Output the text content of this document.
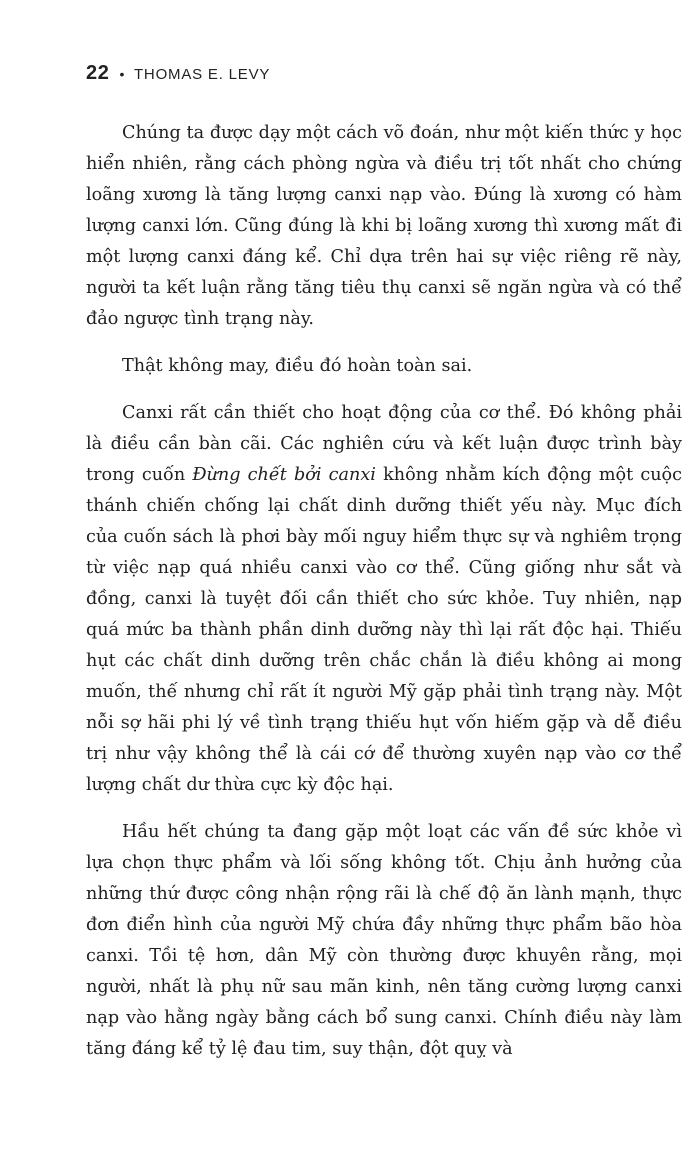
22 • THOMAS E. LEVY

Chúng ta được dạy một cách võ đoán, như một kiến thức y học hiển nhiên, rằng cách phòng ngừa và điều trị tốt nhất cho chứng loãng xương là tăng lượng canxi nạp vào. Đúng là xương có hàm lượng canxi lớn. Cũng đúng là khi bị loãng xương thì xương mất đi một lượng canxi đáng kể. Chỉ dựa trên hai sự việc riêng rẽ này, người ta kết luận rằng tăng tiêu thụ canxi sẽ ngăn ngừa và có thể đảo ngược tình trạng này.

Thật không may, điều đó hoàn toàn sai.

Canxi rất cần thiết cho hoạt động của cơ thể. Đó không phải là điều cần bàn cãi. Các nghiên cứu và kết luận được trình bày trong cuốn Đừng chết bởi canxi không nhằm kích động một cuộc thánh chiến chống lại chất dinh dưỡng thiết yếu này. Mục đích của cuốn sách là phơi bày mối nguy hiểm thực sự và nghiêm trọng từ việc nạp quá nhiều canxi vào cơ thể. Cũng giống như sắt và đồng, canxi là tuyệt đối cần thiết cho sức khỏe. Tuy nhiên, nạp quá mức ba thành phần dinh dưỡng này thì lại rất độc hại. Thiếu hụt các chất dinh dưỡng trên chắc chắn là điều không ai mong muốn, thế nhưng chỉ rất ít người Mỹ gặp phải tình trạng này. Một nỗi sợ hãi phi lý về tình trạng thiếu hụt vốn hiếm gặp và dễ điều trị như vậy không thể là cái cớ để thường xuyên nạp vào cơ thể lượng chất dư thừa cực kỳ độc hại.

Hầu hết chúng ta đang gặp một loạt các vấn đề sức khỏe vì lựa chọn thực phẩm và lối sống không tốt. Chịu ảnh hưởng của những thứ được công nhận rộng rãi là chế độ ăn lành mạnh, thực đơn điển hình của người Mỹ chứa đầy những thực phẩm bão hòa canxi. Tồi tệ hơn, dân Mỹ còn thường được khuyên rằng, mọi người, nhất là phụ nữ sau mãn kinh, nên tăng cường lượng canxi nạp vào hằng ngày bằng cách bổ sung canxi. Chính điều này làm tăng đáng kể tỷ lệ đau tim, suy thận, đột quỵ và
